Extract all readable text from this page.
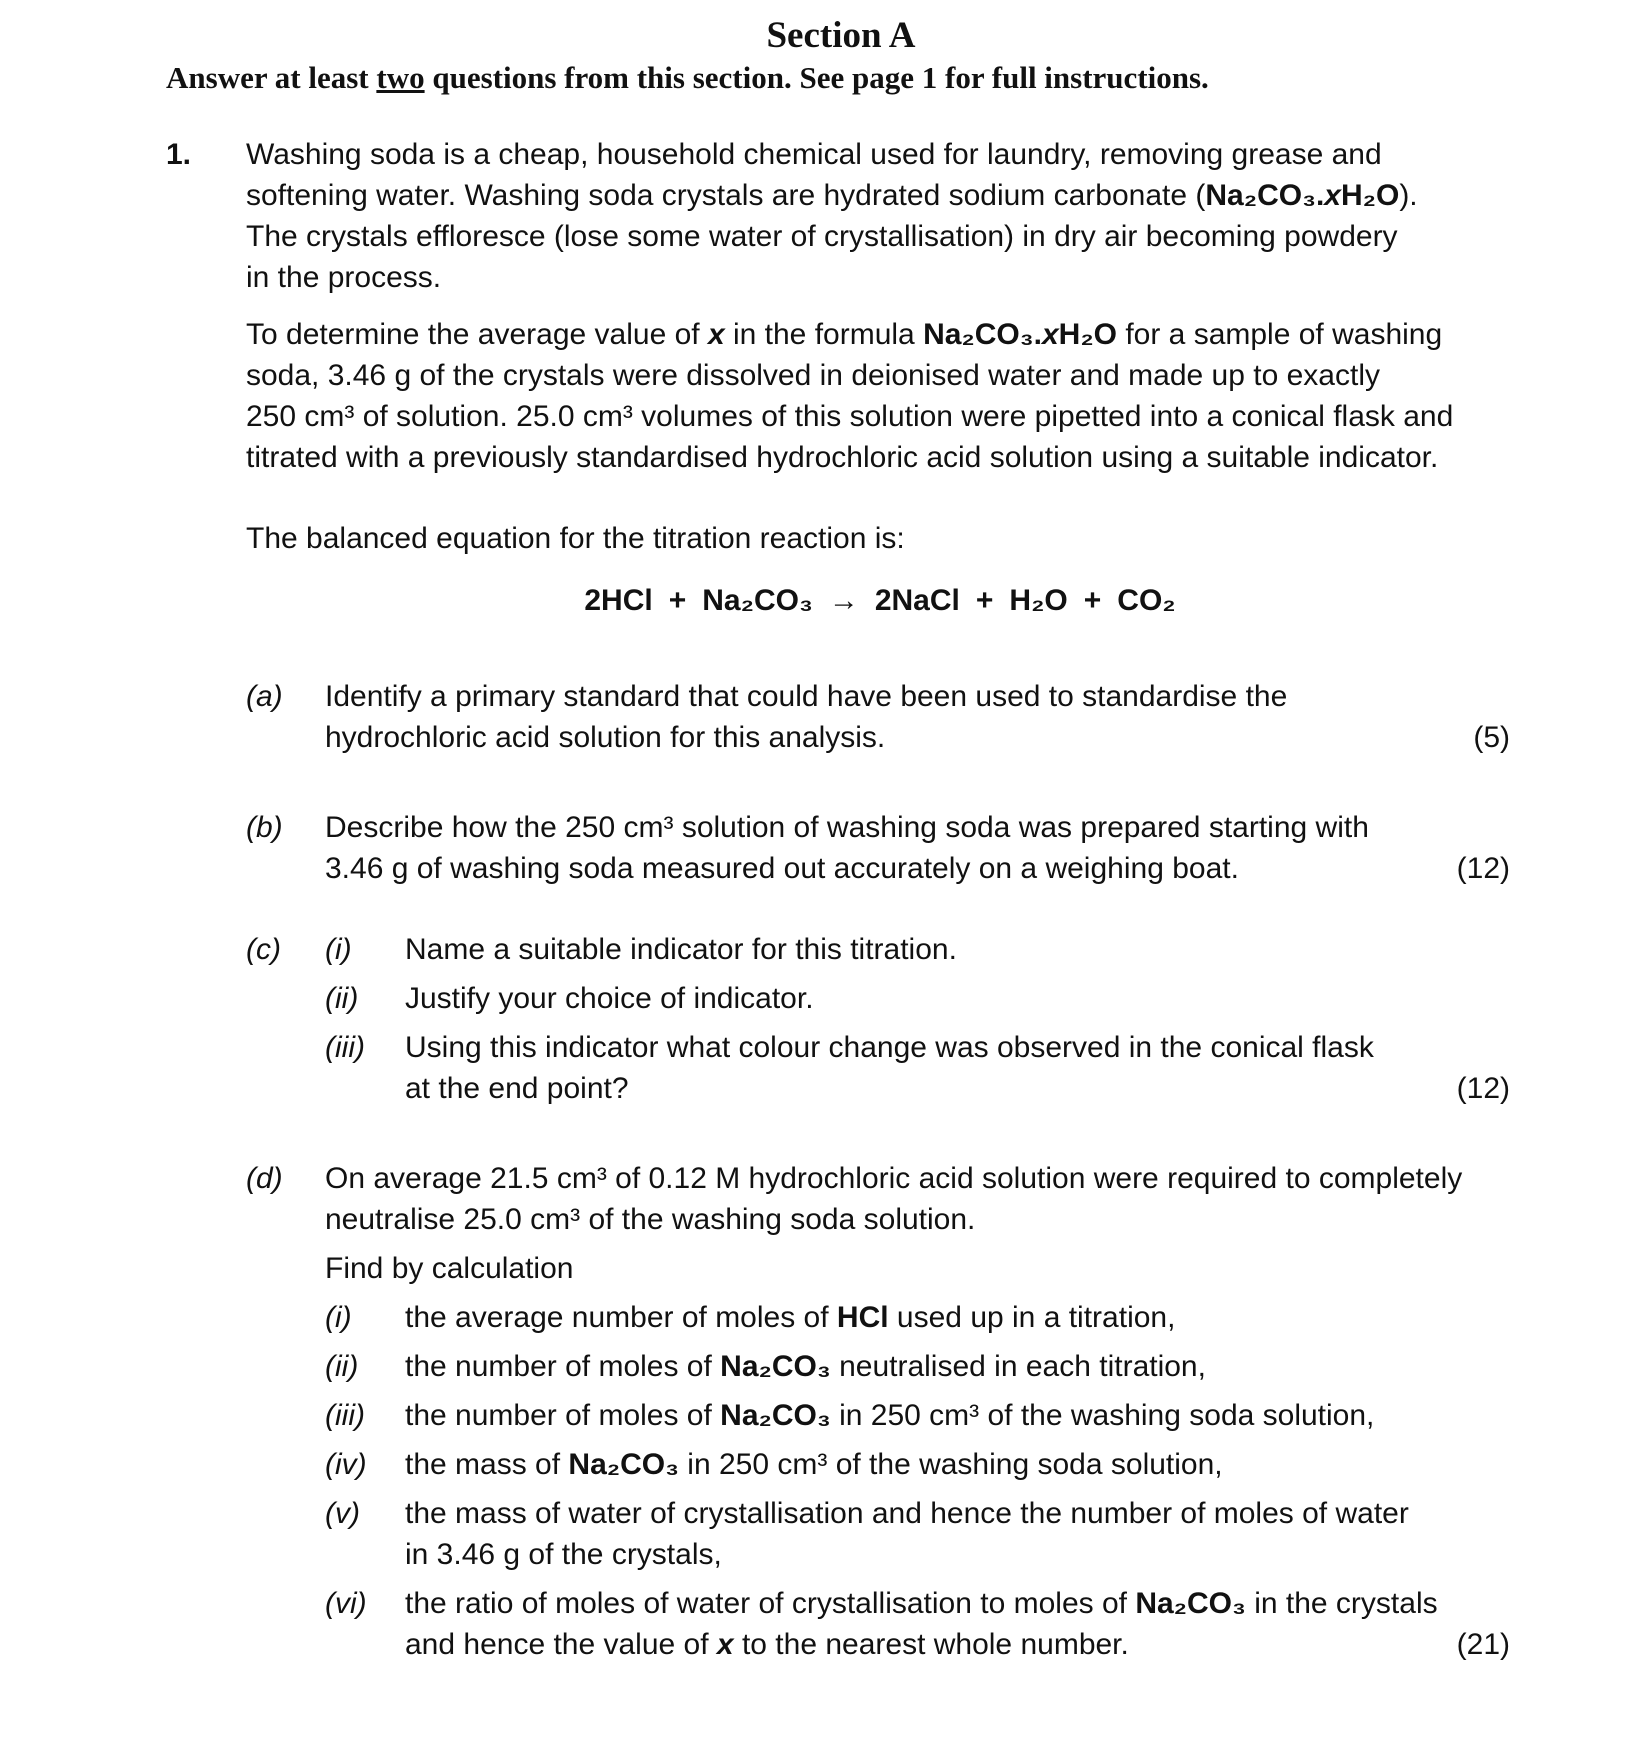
Section A
Answer at least two questions from this section. See page 1 for full instructions.
1. Washing soda is a cheap, household chemical used for laundry, removing grease and

softening water. Washing soda crystals are hydrated sodium carbonate (Na₂CO₃.xH₂O).

The crystals effloresce (lose some water of crystallisation) in dry air becoming powdery

in the process.

To determine the average value of x in the formula Na₂CO₃.xH₂O for a sample of washing

soda, 3.46 g of the crystals were dissolved in deionised water and made up to exactly

250 cm³ of solution. 25.0 cm³ volumes of this solution were pipetted into a conical flask and

titrated with a previously standardised hydrochloric acid solution using a suitable indicator.

The balanced equation for the titration reaction is:
2HCl + Na₂CO₃ → 2NaCl + H₂O + CO₂
(a) Identify a primary standard that could have been used to standardise the

hydrochloric acid solution for this analysis.	(5)
(b) Describe how the 250 cm³ solution of washing soda was prepared starting with

3.46 g of washing soda measured out accurately on a weighing boat.	(12)
(c) (i) Name a suitable indicator for this titration.
(ii) Justify your choice of indicator.
(iii) Using this indicator what colour change was observed in the conical flask

at the end point?	(12)
(d) On average 21.5 cm³ of 0.12 M hydrochloric acid solution were required to completely

neutralise 25.0 cm³ of the washing soda solution.

Find by calculation
(i) the average number of moles of HCl used up in a titration,
(ii) the number of moles of Na₂CO₃ neutralised in each titration,
(iii) the number of moles of Na₂CO₃ in 250 cm³ of the washing soda solution,
(iv) the mass of Na₂CO₃ in 250 cm³ of the washing soda solution,
(v) the mass of water of crystallisation and hence the number of moles of water

in 3.46 g of the crystals,

(vi) the ratio of moles of water of crystallisation to moles of Na₂CO₃ in the crystals

and hence the value of x to the nearest whole number.	(21)
